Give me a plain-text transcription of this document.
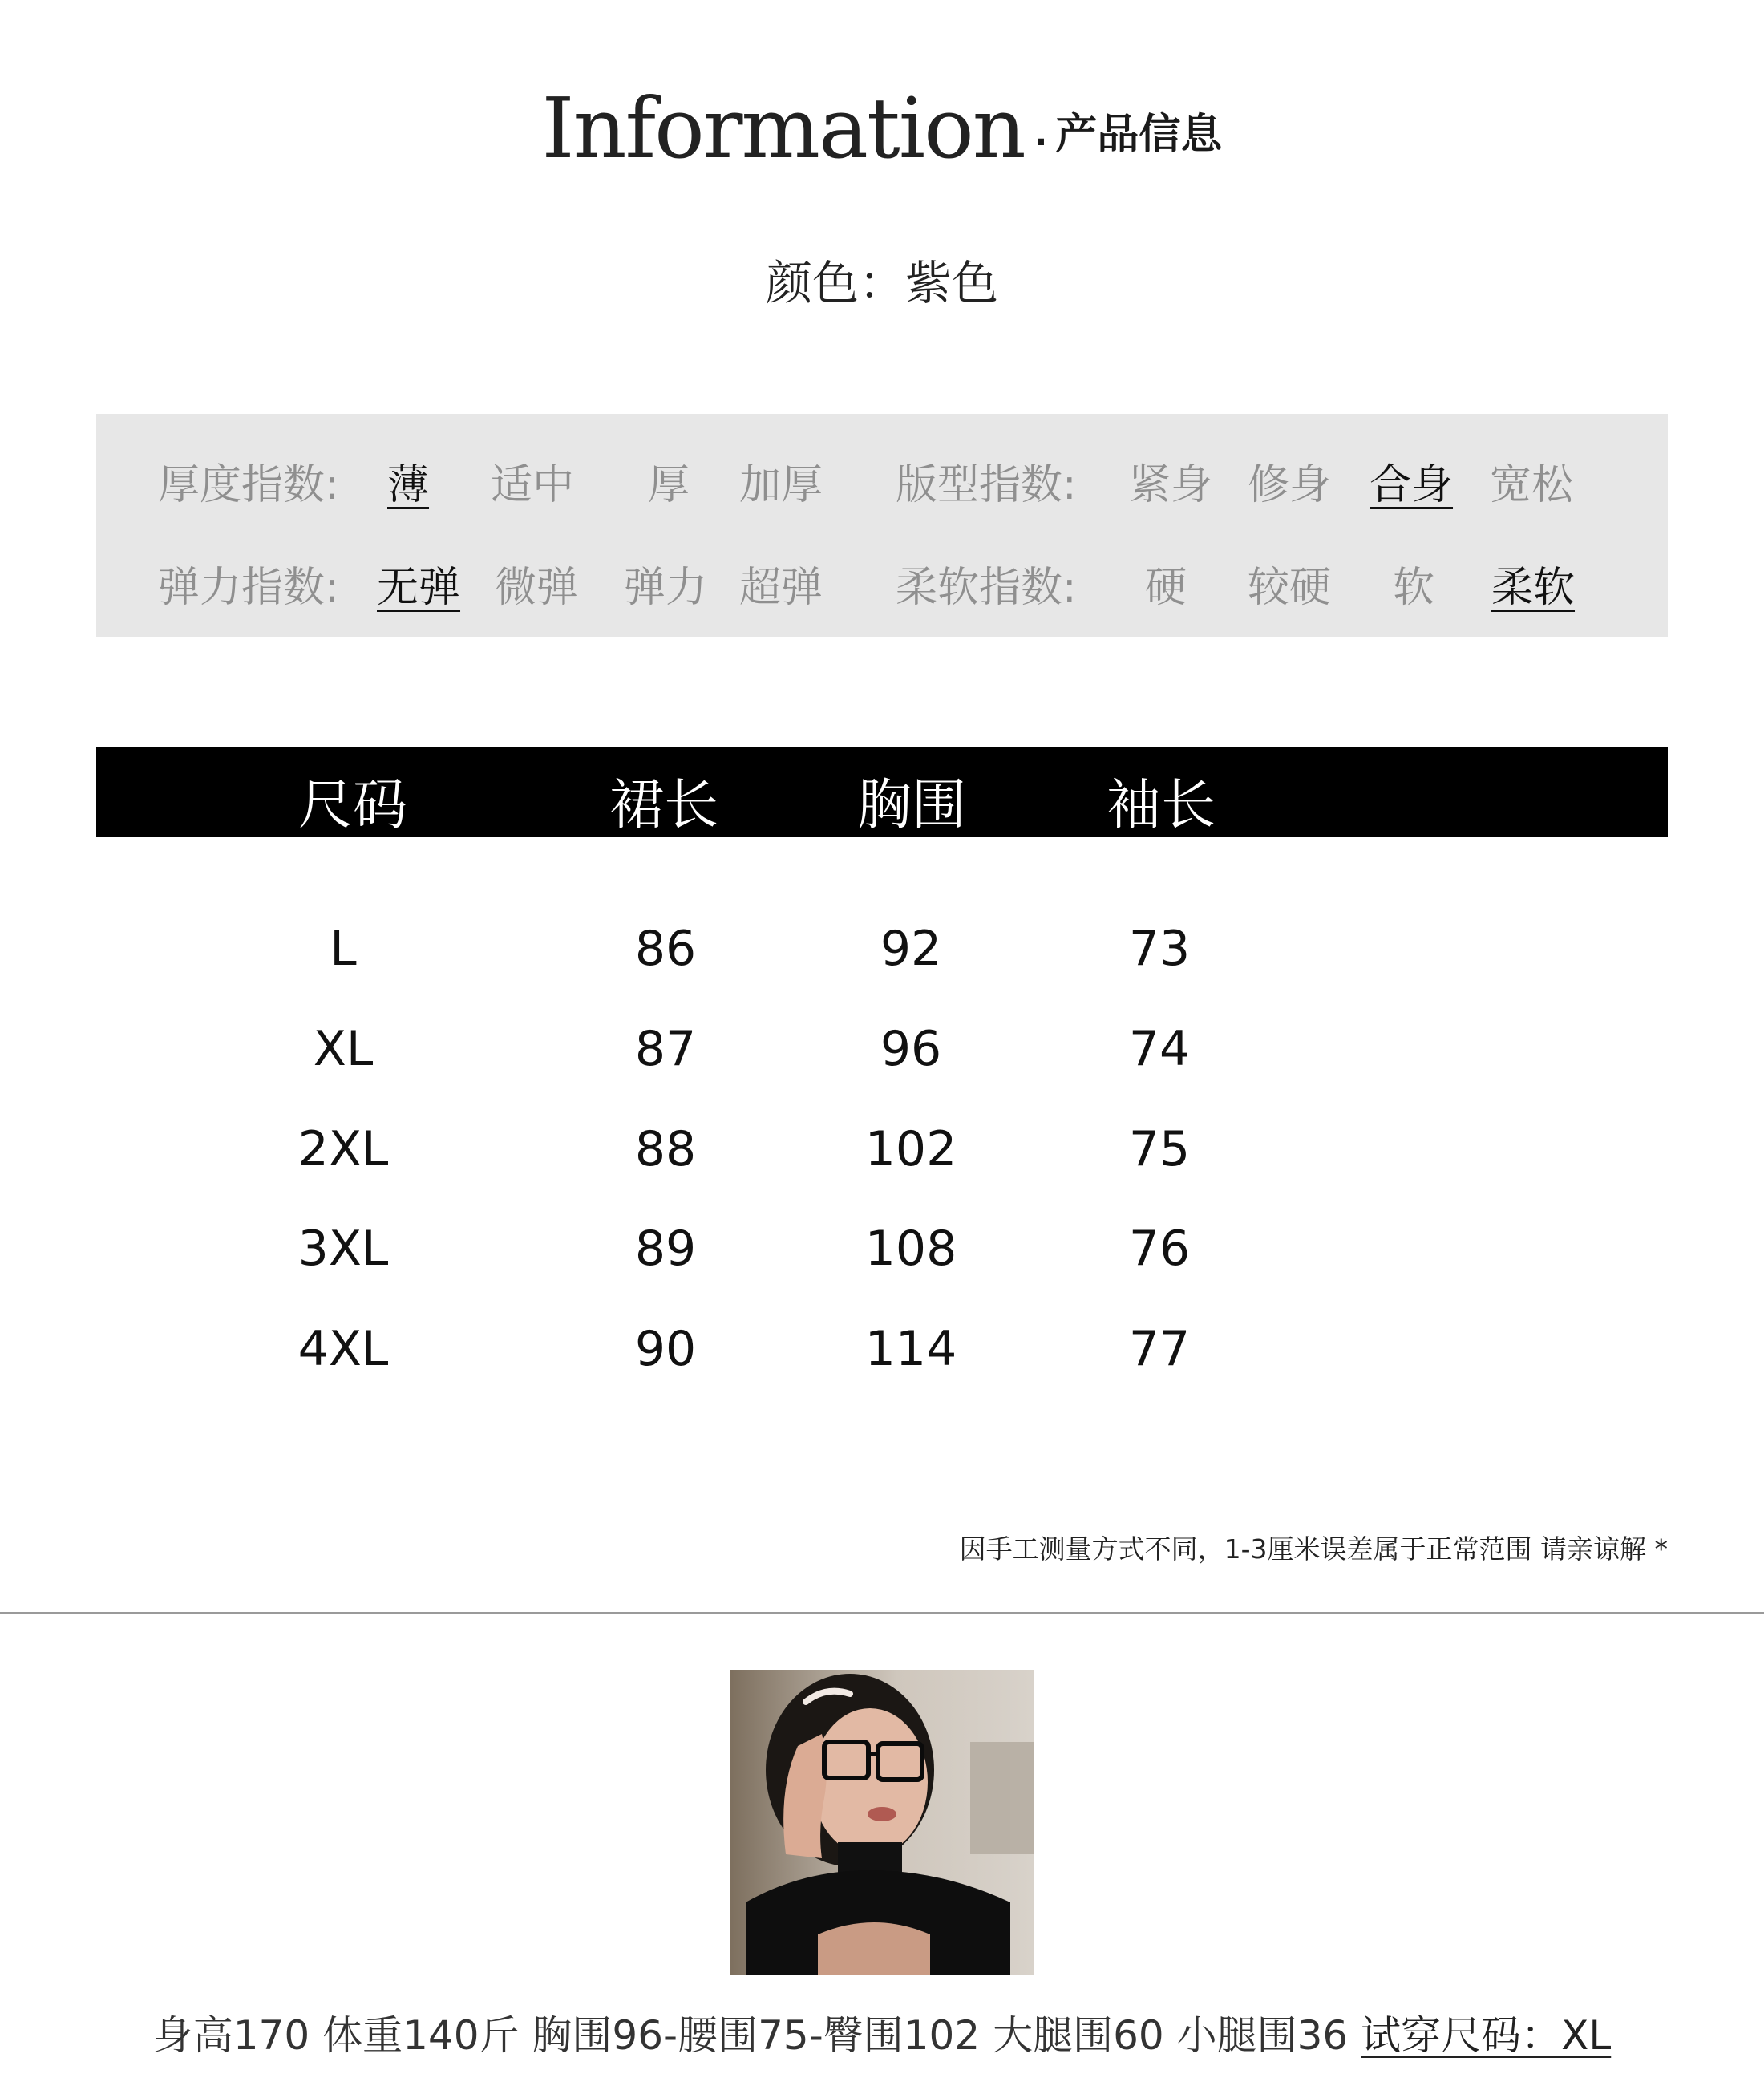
Information · 产品信息
颜色：紫色
厚度指数: 薄 适中 厚 加厚 版型指数: 紧身 修身 合身 宽松
弹力指数: 无弹 微弹 弹力 超弹 柔软指数: 硬 较硬 软 柔软
尺码	裙长	胸围	袖长
L	86	92	73
XL	87	96	74
2XL	88	102	75
3XL	89	108	76
4XL	90	114	77
因手工测量方式不同，1-3厘米误差属于正常范围 请亲谅解 *
身高170 体重140斤 胸围96-腰围75-臀围102 大腿围60 小腿围36 试穿尺码：XL
